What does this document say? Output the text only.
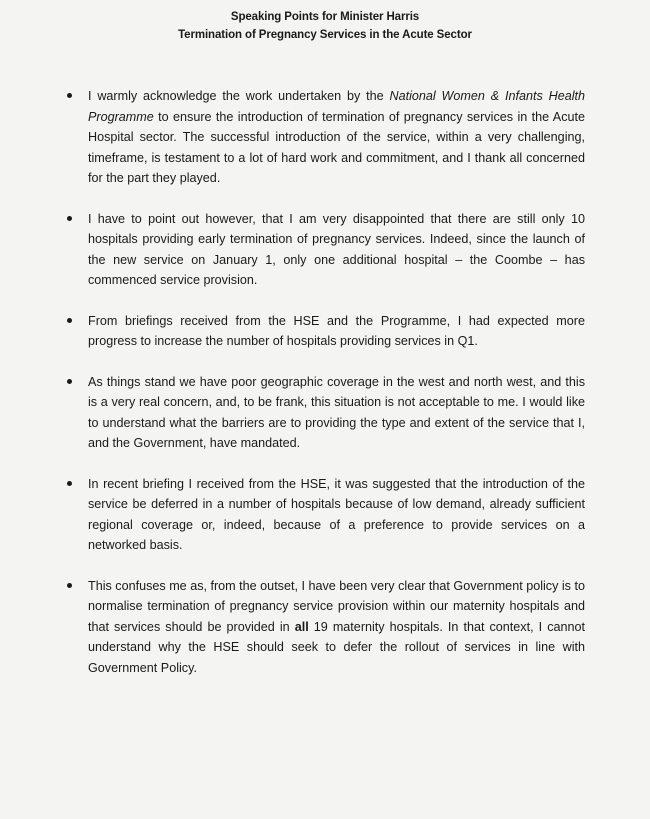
Speaking Points for Minister Harris
Termination of Pregnancy Services in the Acute Sector
I warmly acknowledge the work undertaken by the National Women & Infants Health Programme to ensure the introduction of termination of pregnancy services in the Acute Hospital sector. The successful introduction of the service, within a very challenging, timeframe, is testament to a lot of hard work and commitment, and I thank all concerned for the part they played.
I have to point out however, that I am very disappointed that there are still only 10 hospitals providing early termination of pregnancy services. Indeed, since the launch of the new service on January 1, only one additional hospital – the Coombe – has commenced service provision.
From briefings received from the HSE and the Programme, I had expected more progress to increase the number of hospitals providing services in Q1.
As things stand we have poor geographic coverage in the west and north west, and this is a very real concern, and, to be frank, this situation is not acceptable to me. I would like to understand what the barriers are to providing the type and extent of the service that I, and the Government, have mandated.
In recent briefing I received from the HSE, it was suggested that the introduction of the service be deferred in a number of hospitals because of low demand, already sufficient regional coverage or, indeed, because of a preference to provide services on a networked basis.
This confuses me as, from the outset, I have been very clear that Government policy is to normalise termination of pregnancy service provision within our maternity hospitals and that services should be provided in all 19 maternity hospitals. In that context, I cannot understand why the HSE should seek to defer the rollout of services in line with Government Policy.
